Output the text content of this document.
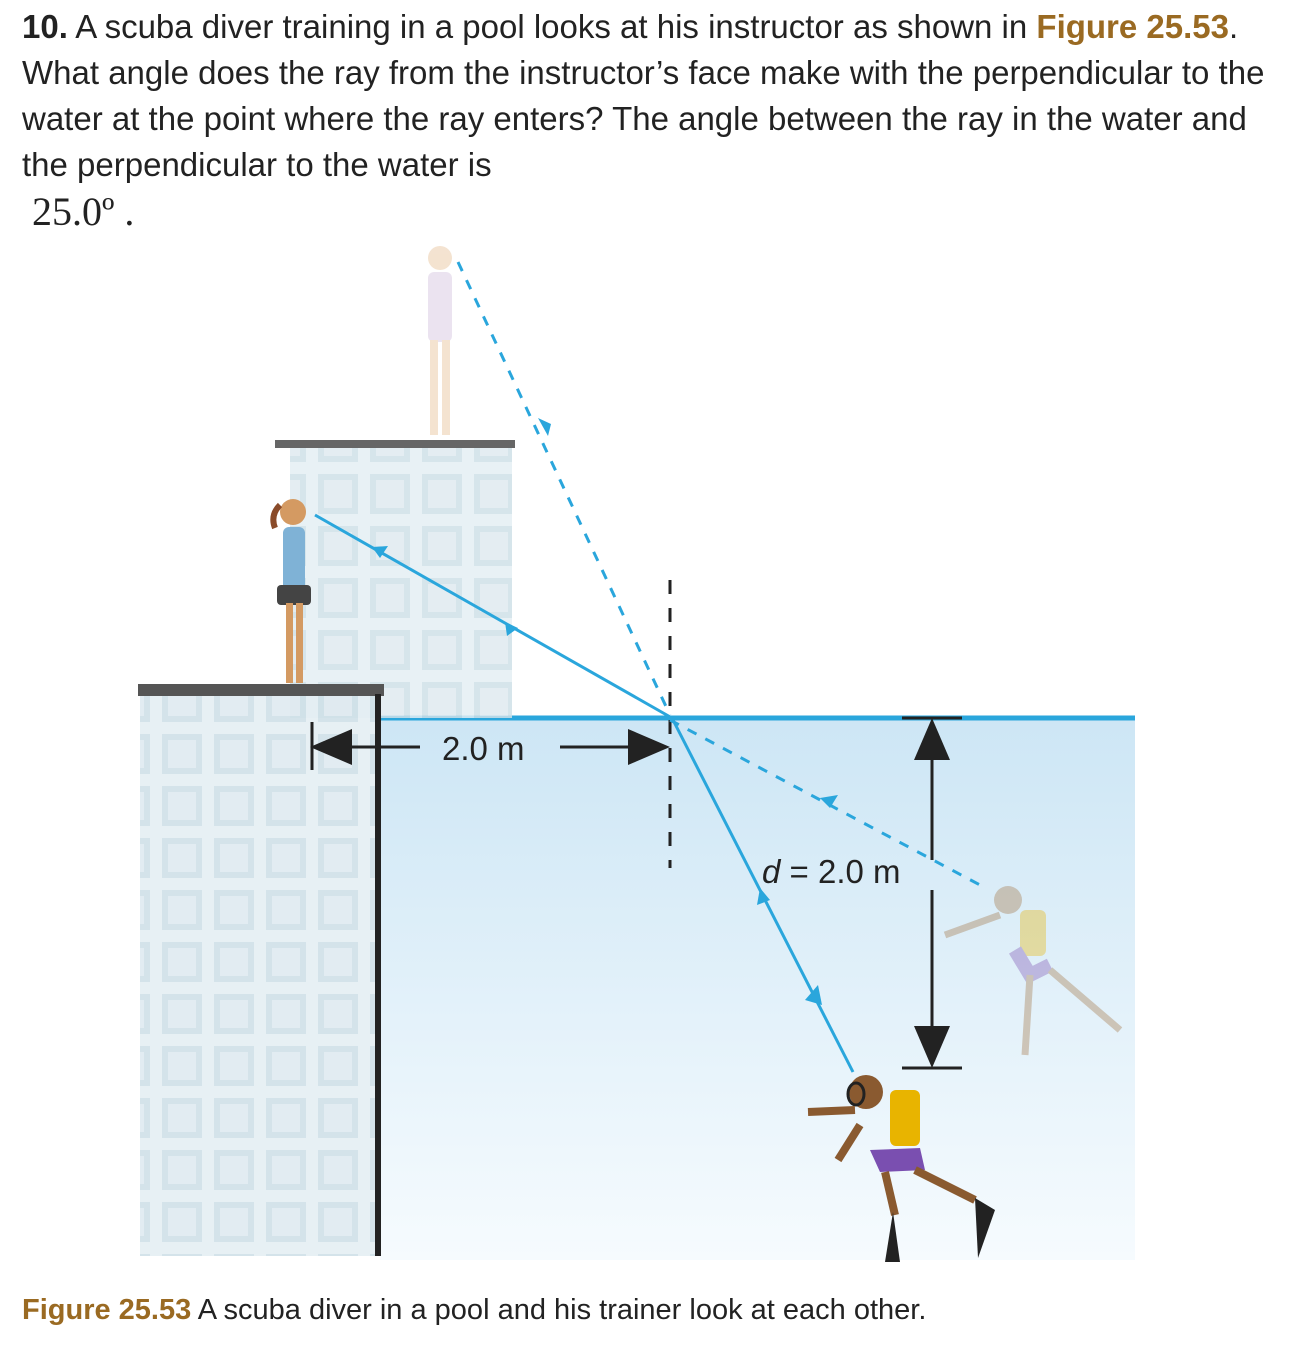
10. A scuba diver training in a pool looks at his instructor as shown in Figure 25.53. What angle does the ray from the instructor’s face make with the perpendicular to the water at the point where the ray enters? The angle between the ray in the water and the perpendicular to the water is
25.0º .
2.0 m
d = 2.0 m
Figure 25.53 A scuba diver in a pool and his trainer look at each other.
